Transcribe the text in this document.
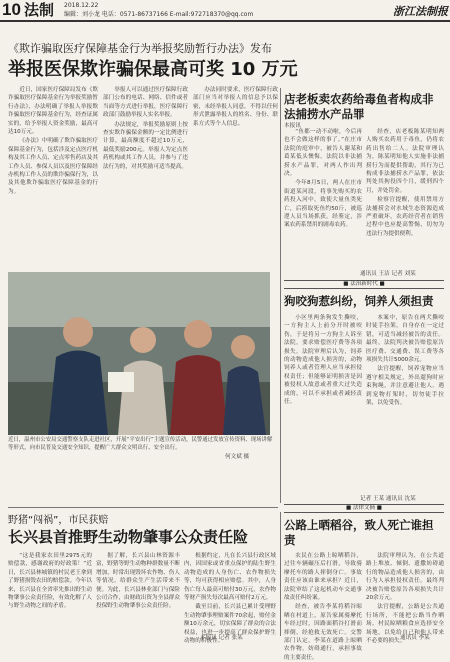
10 法制 2018.12.22
编辑：刘小龙 电话：0571-86737166 E-mail:972718370@qq.com	浙江法制报
《欺诈骗取医疗保障基金行为举报奖励暂行办法》发布
举报医保欺诈骗保最高可奖 10 万元

近日，国家医疗保障局发布《欺诈骗取医疗保障基金行为举报奖励暂行办法》，办法明确了举报人举报欺诈骗取医疗保障基金行为，经查证属实的，给予举报人资金奖励，最高可达10万元。

《办法》中明确了欺诈骗取医疗保障基金行为，包括涉及定点医疗机构及其工作人员、定点零售药店及其工作人员、参保人员以及医疗保障经办机构工作人员的欺诈骗保行为，以及其他欺诈骗取医疗保障基金的行为。

举报人可以通过医疗保障行政部门公布的电话、网络、信件或者当面等方式进行举报，医疗保障行政部门鼓励举报人实名举报。

办法规定，举报奖励原则上按查实欺诈骗保金额的一定比例进行计算，最高额度不超过10万元，最低奖励200元。举报人为定点医药机构或其工作人员，并参与了违法行为的，对其奖励可适当提高。

办法同时要求，医疗保障行政部门应当对举报人的信息予以保密，未经举报人同意，不得以任何形式泄露举报人的姓名、身份、联系方式等个人信息。

店老板卖农药给毒鱼者构成非法捕捞水产品罪

“鱼都一动不动啦，今后再也不会做这样的事了。”在庄市法院的庭审中，被告人谢某和葛某低头懊悔。法院以非法捕捞水产品罪，对两人作出判决。

今年8月5日，两人在庄市街道某河段，将事先购买的农药投入河中，致使大量鱼类死亡，后捞取死鱼约50斤，被巡逻人员当场抓获。经鉴定，涉案农药系禁用的剧毒农药。

经查，店老板陈某明知两人购买农药用于毒鱼，仍将农药出售给二人。法院审理认为，陈某明知他人实施非法捕捞行为而提供帮助，其行为已构成非法捕捞水产品罪，依法判处其拘役四个月，缓刑四个月，并处罚金。

检察官提醒，使用禁用方法捕捞会对水域生态资源造成严重破坏，农药经营者在销售过程中也应提高警惕，切勿为违法行为提供便利。

■ 法治新时代 ■
狗咬狗惹纠纷，饲养人须担责

小区里两条狗发生撕咬，一方狗主人上前分开时被咬伤，于是将另一方狗主人诉至法院，要求赔偿医疗费等各项损失。法院审理后认为，饲养的动物造成他人损害的，动物饲养人或者管理人应当承担侵权责任；但能够证明损害是因被侵权人故意或者重大过失造成的，可以不承担或者减轻责任。

本案中，原告在两犬撕咬时徒手拉架，自身存在一定过错，可适当减轻被告的责任。最终，法院判决被告赔偿原告医疗费、交通费、误工费等各项损失共计5000余元。

法官提醒，饲养宠物应当遵守相关规定，外出遛狗时应束狗绳，并注意避让他人。遇到宠物打架时，切勿徒手拉架，以免受伤。

近日，温州市公安局交通警察支队走进社区，开展“平安出行”主题宣传活动，民警通过发放宣传资料、现场讲解等形式，向市民普及交通安全知识，提醒广大群众文明出行、安全出行。
何文斌 摄
■ 法律文摘 ■
野猪“闯祸”，市民获赔
长兴县首推野生动物肇事公众责任险

“这是我家农田里2975元的赔偿款，感谢政府的好政策！”近日，长兴县林城镇的村民老王拿到了野猪损毁农田的赔偿款。今年以来，长兴县在全省率先推出野生动物肇事公众责任险，有效化解了人与野生动物之间的矛盾。

据了解，长兴县山林资源丰富，野猪等野生动物种群数量不断增加，时常出现毁坏农作物、伤人等情况，给群众生产生活带来不便。为此，长兴县林业部门与保险公司合作，由财政出资为全县群众投保野生动物肇事公众责任险。

根据约定，凡在长兴县行政区域内，因国家或省重点保护的陆生野生动物造成的人身伤亡、农作物损失等，均可获得相应赔偿。其中，人身伤亡每人最高可赔付30万元，农作物等财产损失每次最高可赔付2万元。

截至目前，长兴县已累计受理野生动物肇事理赔案件70余起，赔付金额10万余元，切实保障了群众的合法权益，也进一步提高了群众保护野生动物的积极性。

公路上晒稻谷，致人死亡谁担责

农民在公路上晾晒稻谷，过往车辆碾压后打滑，导致骑摩托车的路人摔倒身亡。事故责任应该由谁来承担？近日，法院审结了这起机动车交通事故责任纠纷案。

经查，被告李某将稻谷晾晒在村道上，原告家属骑摩托车经过时，因路面稻谷打滑而摔倒，经抢救无效死亡。交警部门认定，李某在道路上晾晒农作物，妨碍通行，承担事故的主要责任。

法院审理认为，在公共道路上堆放、倾倒、遗撒妨碍通行的物品造成他人损害的，由行为人承担侵权责任。最终判决被告赔偿原告各项损失共计20余万元。

法官提醒，公路是公共通行场所，不能把公路当作晒场。村民晾晒粮食应选择安全场地，以免给自己和他人带来不必要的损失。

通讯员 王洁 记者 刘某
记者 王某 通讯员 沈某
本报讯 记者 张某	通讯员 李某
本报讯
